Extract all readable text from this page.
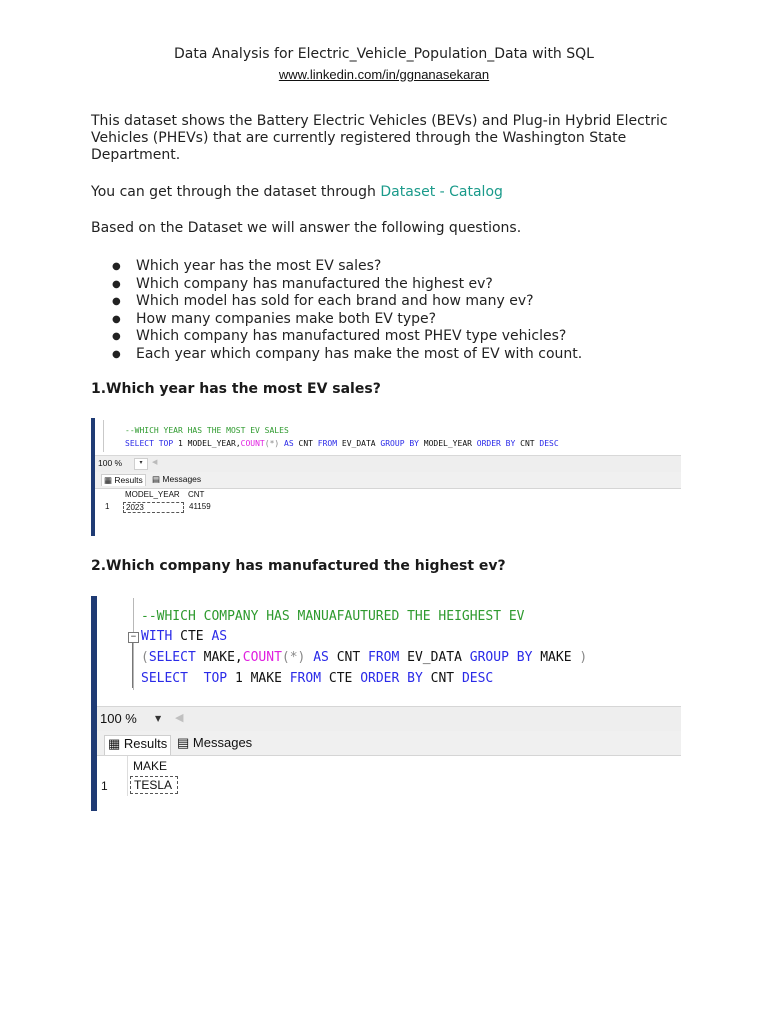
Data Analysis for Electric_Vehicle_Population_Data with SQL
www.linkedin.com/in/ggnanasekaran
This dataset shows the Battery Electric Vehicles (BEVs) and Plug-in Hybrid Electric Vehicles (PHEVs) that are currently registered through the Washington State Department.
You can get through the dataset through Dataset - Catalog
Based on the Dataset we will answer the following questions.
● Which year has the most EV sales?
● Which company has manufactured the highest ev?
● Which model has sold for each brand and how many ev?
● How many companies make both EV type?
● Which company has manufactured most PHEV type vehicles?
● Each year which company has make the most of EV with count.
1.Which year has the most EV sales?
--WHICH YEAR HAS THE MOST EV SALES
SELECT TOP 1 MODEL_YEAR,COUNT(*) AS CNT FROM EV_DATA GROUP BY MODEL_YEAR ORDER BY CNT DESC
100 %	▾	◀
▦ Results	▤ Messages
MODEL_YEAR CNT
1	2023	41159
2.Which company has manufactured the highest ev?
−
--WHICH COMPANY HAS MANUAFAUTURED THE HEIGHEST EV
WITH CTE AS
(SELECT MAKE,COUNT(*) AS CNT FROM EV_DATA GROUP BY MAKE )
SELECT TOP 1 MAKE FROM CTE ORDER BY CNT DESC
100 % ▼ ◀
▦ Results ▤ Messages
MAKE
1	TESLA
